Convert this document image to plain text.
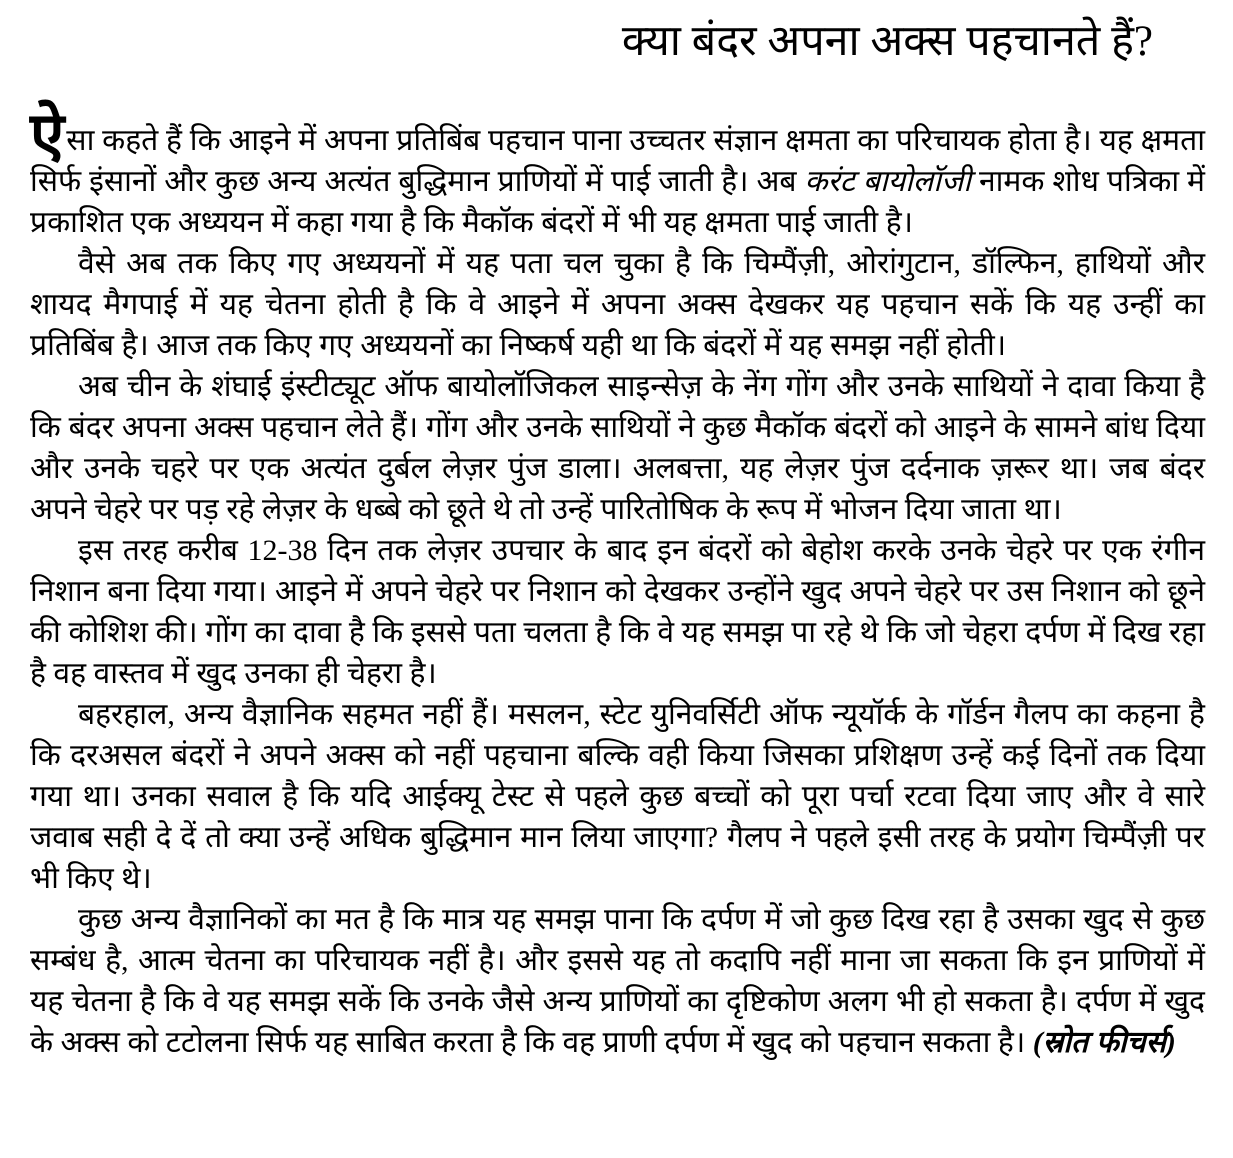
क्या बंदर अपना अक्स पहचानते हैं?

ऐसा कहते हैं कि आइने में अपना प्रतिबिंब पहचान पाना उच्चतर संज्ञान क्षमता का परिचायक होता है। यह क्षमता सिर्फ इंसानों और कुछ अन्य अत्यंत बुद्धिमान प्राणियों में पाई जाती है। अब करंट बायोलॉजी नामक शोध पत्रिका में प्रकाशित एक अध्ययन में कहा गया है कि मैकॉक बंदरों में भी यह क्षमता पाई जाती है।

वैसे अब तक किए गए अध्ययनों में यह पता चल चुका है कि चिम्पैंज़ी, ओरांगुटान, डॉल्फिन, हाथियों और शायद मैगपाई में यह चेतना होती है कि वे आइने में अपना अक्स देखकर यह पहचान सकें कि यह उन्हीं का प्रतिबिंब है। आज तक किए गए अध्ययनों का निष्कर्ष यही था कि बंदरों में यह समझ नहीं होती।

अब चीन के शंघाई इंस्टीट्यूट ऑफ बायोलॉजिकल साइन्सेज़ के नेंग गोंग और उनके साथियों ने दावा किया है कि बंदर अपना अक्स पहचान लेते हैं। गोंग और उनके साथियों ने कुछ मैकॉक बंदरों को आइने के सामने बांध दिया और उनके चहरे पर एक अत्यंत दुर्बल लेज़र पुंज डाला। अलबत्ता, यह लेज़र पुंज दर्दनाक ज़रूर था। जब बंदर अपने चेहरे पर पड़ रहे लेज़र के धब्बे को छूते थे तो उन्हें पारितोषिक के रूप में भोजन दिया जाता था।

इस तरह करीब 12-38 दिन तक लेज़र उपचार के बाद इन बंदरों को बेहोश करके उनके चेहरे पर एक रंगीन निशान बना दिया गया। आइने में अपने चेहरे पर निशान को देखकर उन्होंने खुद अपने चेहरे पर उस निशान को छूने की कोशिश की। गोंग का दावा है कि इससे पता चलता है कि वे यह समझ पा रहे थे कि जो चेहरा दर्पण में दिख रहा है वह वास्तव में खुद उनका ही चेहरा है।

बहरहाल, अन्य वैज्ञानिक सहमत नहीं हैं। मसलन, स्टेट युनिवर्सिटी ऑफ न्यूयॉर्क के गॉर्डन गैलप का कहना है कि दरअसल बंदरों ने अपने अक्स को नहीं पहचाना बल्कि वही किया जिसका प्रशिक्षण उन्हें कई दिनों तक दिया गया था। उनका सवाल है कि यदि आईक्यू टेस्ट से पहले कुछ बच्चों को पूरा पर्चा रटवा दिया जाए और वे सारे जवाब सही दे दें तो क्या उन्हें अधिक बुद्धिमान मान लिया जाएगा? गैलप ने पहले इसी तरह के प्रयोग चिम्पैंज़ी पर भी किए थे।

कुछ अन्य वैज्ञानिकों का मत है कि मात्र यह समझ पाना कि दर्पण में जो कुछ दिख रहा है उसका खुद से कुछ सम्बंध है, आत्म चेतना का परिचायक नहीं है। और इससे यह तो कदापि नहीं माना जा सकता कि इन प्राणियों में यह चेतना है कि वे यह समझ सकें कि उनके जैसे अन्य प्राणियों का दृष्टिकोण अलग भी हो सकता है। दर्पण में खुद के अक्स को टटोलना सिर्फ यह साबित करता है कि वह प्राणी दर्पण में खुद को पहचान सकता है। (स्रोत फीचर्स)
